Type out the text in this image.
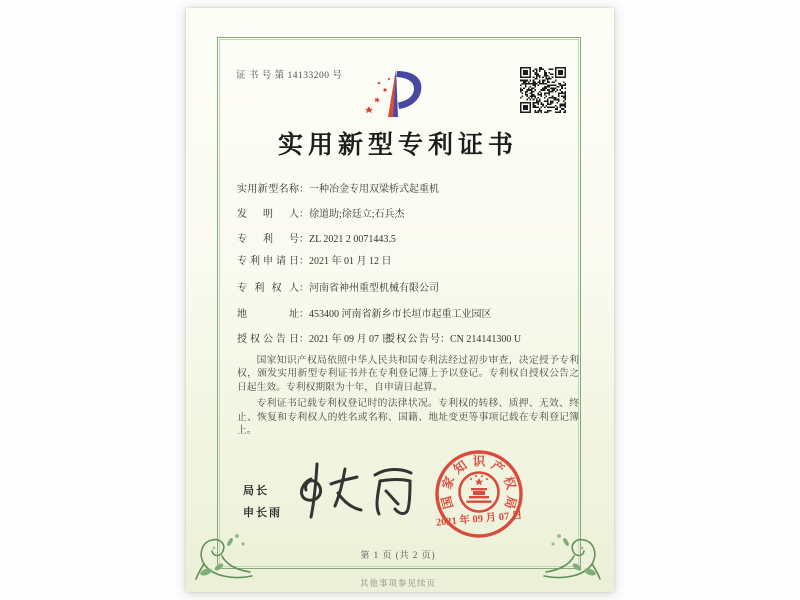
证 书 号 第 14133200 号
实用新型专利证书
实用新型名称：一种冶金专用双梁桥式起重机
发明人：徐道助;徐廷立;石兵杰
专利号：ZL 2021 2 0071443.5
专利申请日：2021 年 01 月 12 日
专利权人：河南省神州重型机械有限公司
地址：453400 河南省新乡市长垣市起重工业园区
授权公告日：2021 年 09 月 07 日
授权公告号：CN 214141300 U

国家知识产权局依照中华人民共和国专利法经过初步审查，决定授予专利权，颁发实用新型专利证书并在专利登记簿上予以登记。专利权自授权公告之日起生效。专利权期限为十年，自申请日起算。

专利证书记载专利权登记时的法律状况。专利权的转移、质押、无效、终止、恢复和专利权人的姓名或名称、国籍、地址变更等事项记载在专利登记簿上。

局长
申长雨
国
家
知 识 产
权
局
2021 年 09 月 07 日
第 1 页 (共 2 页)
其他事项参见续页
